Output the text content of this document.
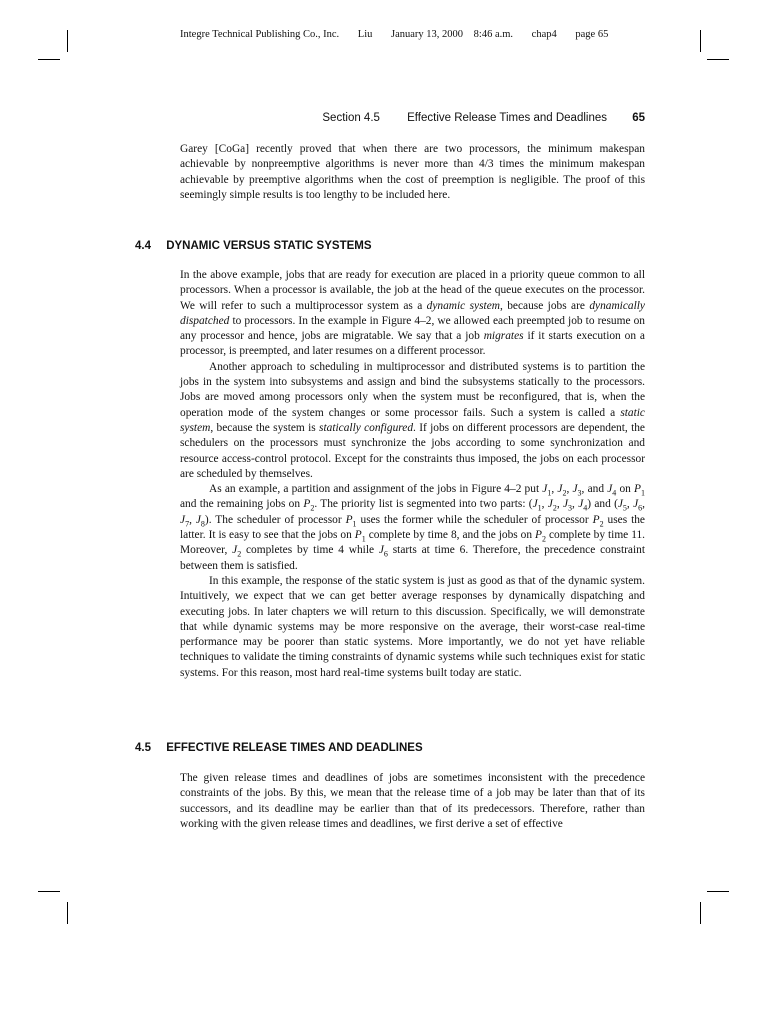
Integre Technical Publishing Co., Inc. Liu January 13, 2000 8:46 a.m. chap4 page 65
Section 4.5 Effective Release Times and Deadlines 65

Garey [CoGa] recently proved that when there are two processors, the minimum makespan achievable by nonpreemptive algorithms is never more than 4/3 times the minimum makespan achievable by preemptive algorithms when the cost of preemption is negligible. The proof of this seemingly simple results is too lengthy to be included here.

4.4 DYNAMIC VERSUS STATIC SYSTEMS

In the above example, jobs that are ready for execution are placed in a priority queue common to all processors. When a processor is available, the job at the head of the queue executes on the processor. We will refer to such a multiprocessor system as a dynamic system, because jobs are dynamically dispatched to processors. In the example in Figure 4–2, we allowed each preempted job to resume on any processor and hence, jobs are migratable. We say that a job migrates if it starts execution on a processor, is preempted, and later resumes on a different processor.

Another approach to scheduling in multiprocessor and distributed systems is to partition the jobs in the system into subsystems and assign and bind the subsystems statically to the processors. Jobs are moved among processors only when the system must be reconfigured, that is, when the operation mode of the system changes or some processor fails. Such a system is called a static system, because the system is statically configured. If jobs on different processors are dependent, the schedulers on the processors must synchronize the jobs according to some synchronization and resource access-control protocol. Except for the constraints thus imposed, the jobs on each processor are scheduled by themselves.

As an example, a partition and assignment of the jobs in Figure 4–2 put $J_1$, $J_2$, $J_3$, and $J_4$ on $P_1$ and the remaining jobs on $P_2$. The priority list is segmented into two parts: ($J_1$, $J_2$, $J_3$, $J_4$) and ($J_5$, $J_6$, $J_7$, $J_8$). The scheduler of processor $P_1$ uses the former while the scheduler of processor $P_2$ uses the latter. It is easy to see that the jobs on $P_1$ complete by time 8, and the jobs on $P_2$ complete by time 11. Moreover, $J_2$ completes by time 4 while $J_6$ starts at time 6. Therefore, the precedence constraint between them is satisfied.

In this example, the response of the static system is just as good as that of the dynamic system. Intuitively, we expect that we can get better average responses by dynamically dispatching and executing jobs. In later chapters we will return to this discussion. Specifically, we will demonstrate that while dynamic systems may be more responsive on the average, their worst-case real-time performance may be poorer than static systems. More importantly, we do not yet have reliable techniques to validate the timing constraints of dynamic systems while such techniques exist for static systems. For this reason, most hard real-time systems built today are static.

4.5 EFFECTIVE RELEASE TIMES AND DEADLINES

The given release times and deadlines of jobs are sometimes inconsistent with the precedence constraints of the jobs. By this, we mean that the release time of a job may be later than that of its successors, and its deadline may be earlier than that of its predecessors. Therefore, rather than working with the given release times and deadlines, we first derive a set of effective
